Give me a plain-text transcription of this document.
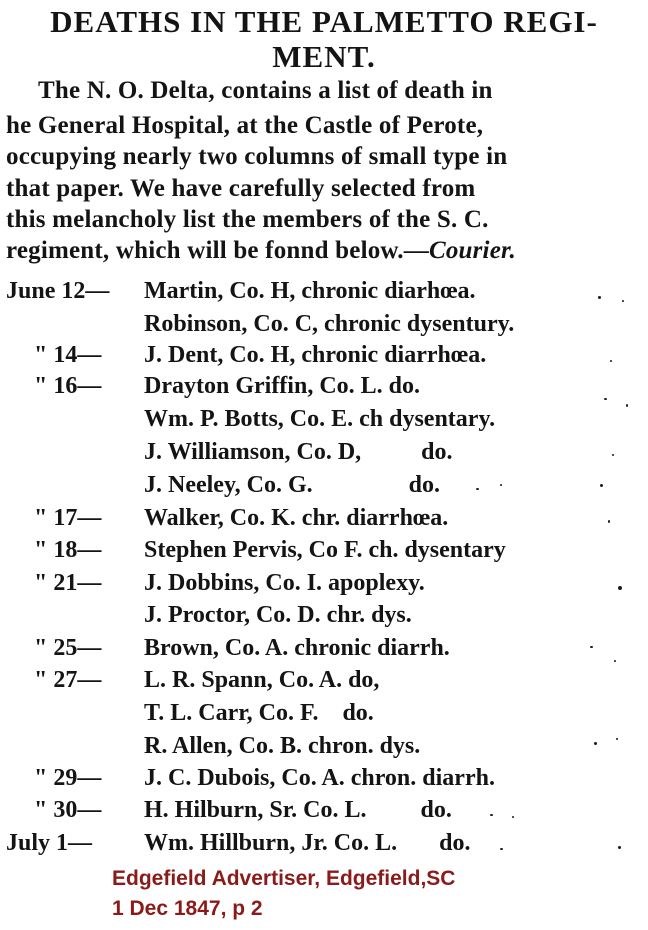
DEATHS IN THE PALMETTO REGI-
MENT.
The N. O. Delta, contains a list of death in
he General Hospital, at the Castle of Perote,
occupying nearly two columns of small type in
that paper. We have carefully selected from
this melancholy list the members of the S. C.
regiment, which will be fonnd below.—Courier.
June 12— Martin, Co. H, chronic diarhœa.
Robinson, Co. C, chronic dysentury.
" 14— J. Dent, Co. H, chronic diarrhœa.
" 16— Drayton Griffin, Co. L. do.
Wm. P. Botts, Co. E. ch dysentary.
J. Williamson, Co. D,          do.
J. Neeley, Co. G.                do.
" 17— Walker, Co. K. chr. diarrhœa.
" 18— Stephen Pervis, Co F. ch. dysentary
" 21— J. Dobbins, Co. I. apoplexy.
J. Proctor, Co. D. chr. dys.
" 25— Brown, Co. A. chronic diarrh.
" 27— L. R. Spann, Co. A. do,
T. L. Carr, Co. F.    do.
R. Allen, Co. B. chron. dys.
" 29— J. C. Dubois, Co. A. chron. diarrh.
" 30— H. Hilburn, Sr. Co. L.         do.
July 1— Wm. Hillburn, Jr. Co. L.       do.
Edgefield Advertiser, Edgefield,SC
1 Dec 1847, p 2
